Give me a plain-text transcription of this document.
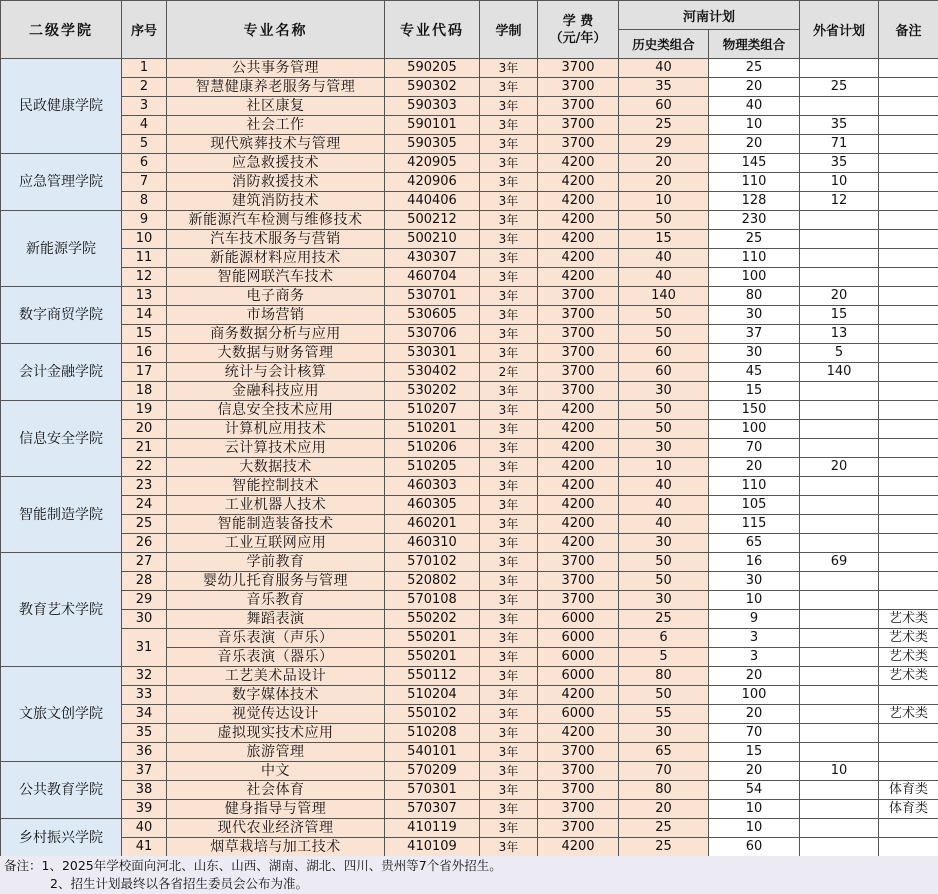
二级学院	序号	专业名称	专业代码	学制	学 费
（元/年）	河南计划		外省计划	备注
						历史类组合	物理类组合		
民政健康学院	1	公共事务管理	590205	3年	3700	40	25		
	2	智慧健康养老服务与管理	590302	3年	3700	35	20	25	
	3	社区康复	590303	3年	3700	60	40		
	4	社会工作	590101	3年	3700	25	10	35	
	5	现代殡葬技术与管理	590305	3年	3700	29	20	71	
应急管理学院	6	应急救援技术	420905	3年	4200	20	145	35	
	7	消防救援技术	420906	3年	4200	20	110	10	
	8	建筑消防技术	440406	3年	4200	10	128	12	
新能源学院	9	新能源汽车检测与维修技术	500212	3年	4200	50	230		
	10	汽车技术服务与营销	500210	3年	4200	15	25		
	11	新能源材料应用技术	430307	3年	4200	40	110		
	12	智能网联汽车技术	460704	3年	4200	40	100		
数字商贸学院	13	电子商务	530701	3年	3700	140	80	20	
	14	市场营销	530605	3年	3700	50	30	15	
	15	商务数据分析与应用	530706	3年	3700	50	37	13	
会计金融学院	16	大数据与财务管理	530301	3年	3700	60	30	5	
	17	统计与会计核算	530402	2年	3700	60	45	140	
	18	金融科技应用	530202	3年	3700	30	15		
信息安全学院	19	信息安全技术应用	510207	3年	4200	50	150		
	20	计算机应用技术	510201	3年	4200	50	100		
	21	云计算技术应用	510206	3年	4200	30	70		
	22	大数据技术	510205	3年	4200	10	20	20	
智能制造学院	23	智能控制技术	460303	3年	4200	40	110		
	24	工业机器人技术	460305	3年	4200	40	105		
	25	智能制造装备技术	460201	3年	4200	40	115		
	26	工业互联网应用	460310	3年	4200	30	65		
教育艺术学院	27	学前教育	570102	3年	3700	50	16	69	
	28	婴幼儿托育服务与管理	520802	3年	3700	50	30		
	29	音乐教育	570108	3年	3700	30	10		
	30	舞蹈表演	550202	3年	6000	25	9		艺术类
	31	音乐表演（声乐）	550201	3年	6000	6	3		艺术类
		音乐表演（器乐）	550201	3年	6000	5	3		艺术类
文旅文创学院	32	工艺美术品设计	550112	3年	6000	80	20		艺术类
	33	数字媒体技术	510204	3年	4200	50	100		
	34	视觉传达设计	550102	3年	6000	55	20		艺术类
	35	虚拟现实技术应用	510208	3年	4200	30	70		
	36	旅游管理	540101	3年	3700	65	15		
公共教育学院	37	中文	570209	3年	3700	70	20	10	
	38	社会体育	570301	3年	3700	80	54		体育类
	39	健身指导与管理	570307	3年	3700	20	10		体育类
乡村振兴学院	40	现代农业经济管理	410119	3年	3700	25	10		
	41	烟草栽培与加工技术	410109	3年	4200	25	60		
备注：1、2025年学校面向河北、山东、山西、湖南、湖北、四川、贵州等7个省外招生。
2、招生计划最终以各省招生委员会公布为准。
